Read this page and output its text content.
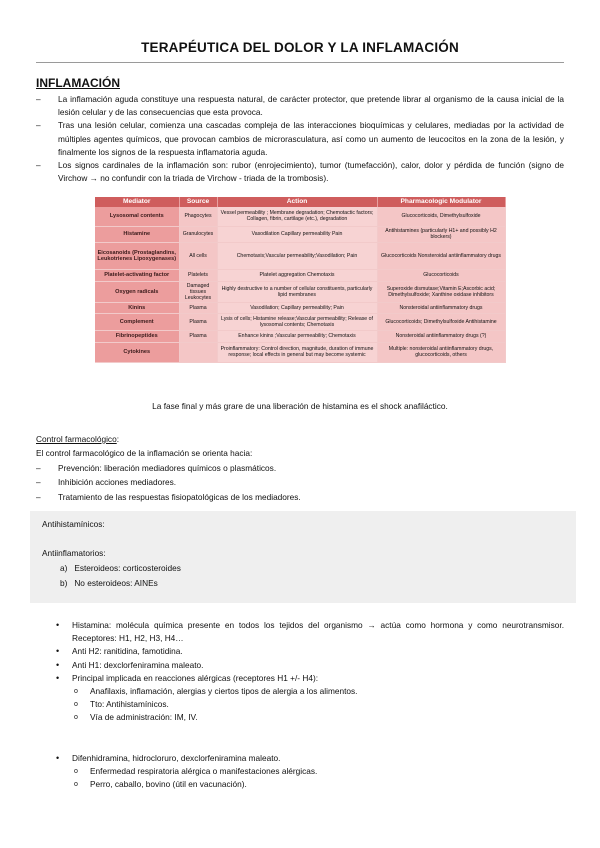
TERAPÉUTICA DEL DOLOR Y LA INFLAMACIÓN
INFLAMACIÓN
– La inflamación aguda constituye una respuesta natural, de carácter protector, que pretende librar al organismo de la causa inicial de la lesión celular y de las consecuencias que esta provoca.
– Tras una lesión celular, comienza una cascadas compleja de las interacciones bioquímicas y celulares, mediadas por la actividad de múltiples agentes químicos, que provocan cambios de microrasculatura, así como un aumento de leucocitos en la zona de la lesión, y finalmente los signos de la respuesta inflamatoria aguda.
– Los signos cardinales de la inflamación son: rubor (enrojecimiento), tumor (tumefacción), calor, dolor y pérdida de función (signo de Virchow → no confundir con la triada de Virchow - triada de la trombosis).
Mediator	Source	Action	Pharmacologic Modulator
Lysosomal contents	Phagocytes	Vessel permeability ; Membrane degradation; Chemotactic factors; Collagen, fibrin, cartilage (etc.), degradation	Glucocorticoids, Dimethylsulfoxide
Histamine	Granulocytes	Vasodilation Capillary permeability Pain	Antihistamines (particularly H1+ and possibly H2 blockers)
Eicosanoids (Prostaglandins, Leukotrienes Lipoxygenases)	All cells	Chemotaxis;Vascular permeability;Vasodilation; Pain	Glucocorticoids Nonsteroidal antiinflammatory drugs
Platelet-activating factor	Platelets	Platelet aggregation Chemotaxis	Glucocorticoids
Oxygen radicals	Damaged tissues Leukocytes	Highly destructive to a number of cellular constituents, particularly lipid membranes	Superoxide dismutase;Vitamin E;Ascorbic acid; Dimethylsulfoxide; Xanthine oxidase inhibitors
Kinins	Plasma	Vasodilation; Capillary permeability; Pain	Nonsteroidal antiinflammatory drugs
Complement	Plasma	Lysis of cells; Histamine release;Vascular permeability; Release of lysosomal contents; Chemotaxis	Glucocorticoids; Dimethylsulfoxide Antihistamine
Fibrinopeptides	Plasma	Enhance kinins ;Vascular permeability; Chemotaxis	Nonsteroidal antiinflammatory drugs (?)
Cytokines		Proinflammatory: Control direction, magnitude, duration of immune response; local effects in general but may become systemic	Multiple: nonsteroidal antiinflammatory drugs, glucocorticoids, others
La fase final y más grare de una liberación de histamina es el shock anafiláctico.
Control farmacológico:
El control farmacológico de la inflamación se orienta hacia:
– Prevención: liberación mediadores químicos o plasmáticos.
– Inhibición acciones mediadores.
– Tratamiento de las respuestas fisiopatológicas de los mediadores.
Antihistamínicos:
Antiinflamatorios:
a) Esteroideos: corticosteroides
b) No esteroideos: AINEs
• Histamina: molécula química presente en todos los tejidos del organismo → actúa como hormona y como neurotransmisor. Receptores: H1, H2, H3, H4…
• Anti H2: ranitidina, famotidina.
• Anti H1: dexclorfeniramina maleato.
• Principal implicada en reacciones alérgicas (receptores H1 +/- H4):
o Anafilaxis, inflamación, alergias y ciertos tipos de alergia a los alimentos.
o Tto: Antihistamínicos.
o Vía de administración: IM, IV.
• Difenhidramina, hidrocloruro, dexclorfeniramina maleato.
o Enfermedad respiratoria alérgica o manifestaciones alérgicas.
o Perro, caballo, bovino (útil en vacunación).
